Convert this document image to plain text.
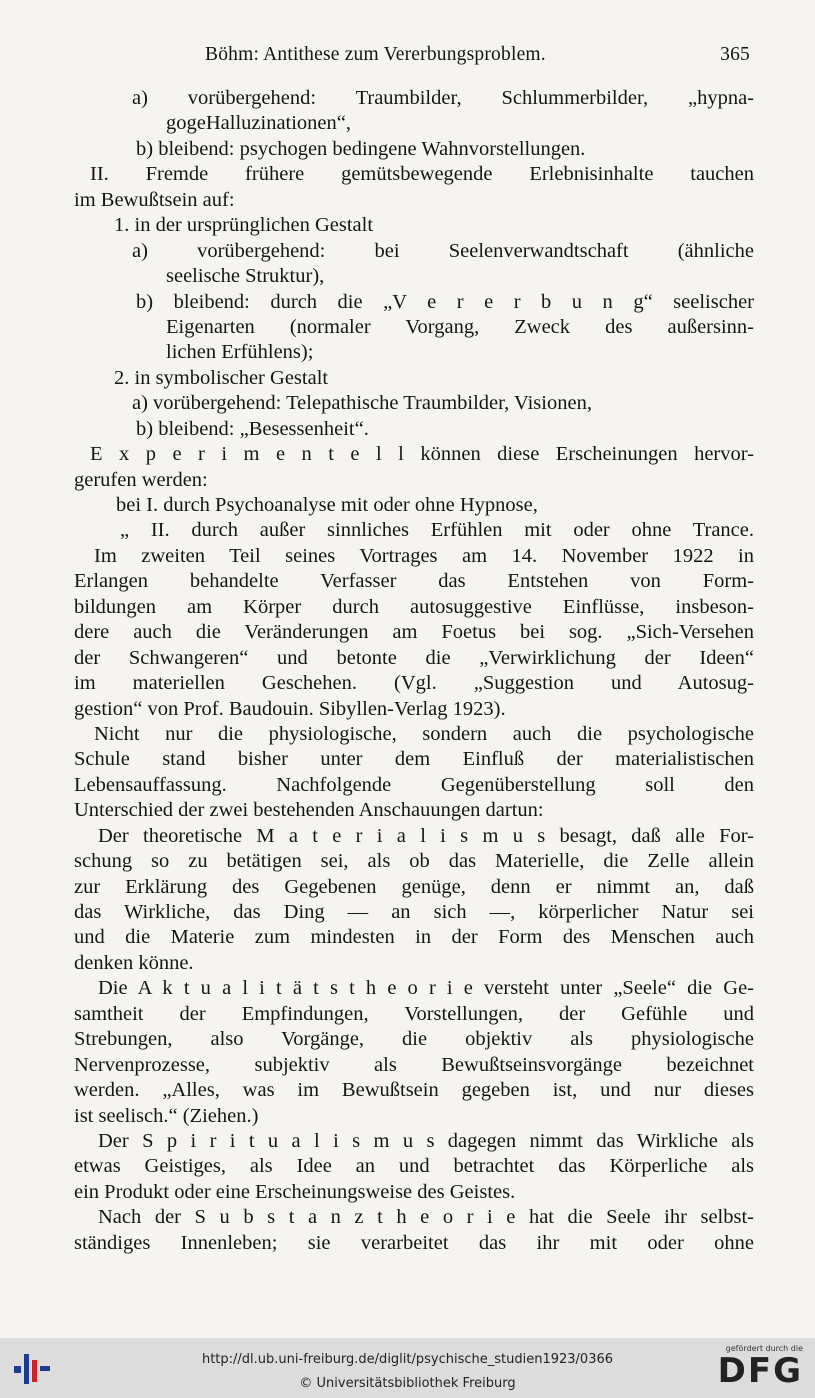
Böhm: Antithese zum Vererbungsproblem.	365
a) vorübergehend: Traumbilder, Schlummerbilder, „hypna-
gogeHalluzinationen“,
b) bleibend: psychogen bedingene Wahnvorstellungen.
II. Fremde frühere gemütsbewegende Erlebnisinhalte tauchen
im Bewußtsein auf:
1. in der ursprünglichen Gestalt
a) vorübergehend: bei Seelenverwandtschaft (ähnliche
seelische Struktur),
b) bleibend: durch die „V e r e r b u n g“ seelischer
Eigenarten (normaler Vorgang, Zweck des außersinn-
lichen Erfühlens);
2. in symbolischer Gestalt
a) vorübergehend: Telepathische Traumbilder, Visionen,
b) bleibend: „Besessenheit“.
E x p e r i m e n t e l l können diese Erscheinungen hervor-
gerufen werden:
bei I. durch Psychoanalyse mit oder ohne Hypnose,
„ II. durch außer sinnliches Erfühlen mit oder ohne Trance.
Im zweiten Teil seines Vortrages am 14. November 1922 in
Erlangen behandelte Verfasser das Entstehen von Form-
bildungen am Körper durch autosuggestive Einflüsse, insbeson-
dere auch die Veränderungen am Foetus bei sog. „Sich-Versehen
der Schwangeren“ und betonte die „Verwirklichung der Ideen“
im materiellen Geschehen. (Vgl. „Suggestion und Autosug-
gestion“ von Prof. Baudouin. Sibyllen-Verlag 1923).
Nicht nur die physiologische, sondern auch die psychologische
Schule stand bisher unter dem Einfluß der materialistischen
Lebensauffassung. Nachfolgende Gegenüberstellung soll den
Unterschied der zwei bestehenden Anschauungen dartun:
Der theoretische M a t e r i a l i s m u s besagt, daß alle For-
schung so zu betätigen sei, als ob das Materielle, die Zelle allein
zur Erklärung des Gegebenen genüge, denn er nimmt an, daß
das Wirkliche, das Ding — an sich —, körperlicher Natur sei
und die Materie zum mindesten in der Form des Menschen auch
denken könne.
Die A k t u a l i t ä t s t h e o r i e versteht unter „Seele“ die Ge-
samtheit der Empfindungen, Vorstellungen, der Gefühle und
Strebungen, also Vorgänge, die objektiv als physiologische
Nervenprozesse, subjektiv als Bewußtseinsvorgänge bezeichnet
werden. „Alles, was im Bewußtsein gegeben ist, und nur dieses
ist seelisch.“ (Ziehen.)
Der S p i r i t u a l i s m u s dagegen nimmt das Wirkliche als
etwas Geistiges, als Idee an und betrachtet das Körperliche als
ein Produkt oder eine Erscheinungsweise des Geistes.
Nach der S u b s t a n z t h e o r i e hat die Seele ihr selbst-
ständiges Innenleben; sie verarbeitet das ihr mit oder ohne
http://dl.ub.uni-freiburg.de/diglit/psychische_studien1923/0366
© Universitätsbibliothek Freiburg
gefördert durch die
DFG
